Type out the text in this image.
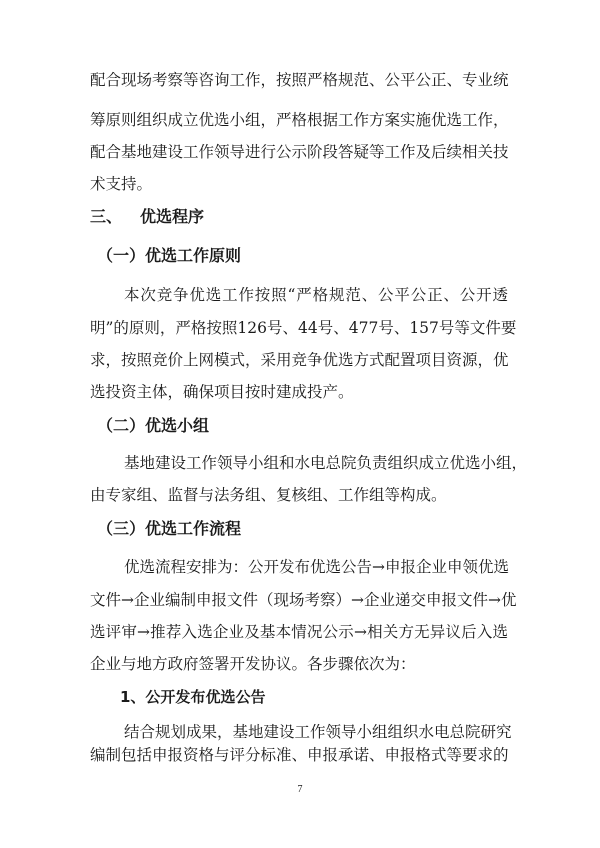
配合现场考察等咨询工作，按照严格规范、公平公正、专业统
筹原则组织成立优选小组，严格根据工作方案实施优选工作，
配合基地建设工作领导进行公示阶段答疑等工作及后续相关技
术支持。
三、 优选程序
（一）优选工作原则
本次竞争优选工作按照“严格规范、公平公正、公开透
明”的原则，严格按照126号、44号、477号、157号等文件要
求，按照竞价上网模式，采用竞争优选方式配置项目资源，优
选投资主体，确保项目按时建成投产。
（二）优选小组
基地建设工作领导小组和水电总院负责组织成立优选小组，
由专家组、监督与法务组、复核组、工作组等构成。
（三）优选工作流程
优选流程安排为：公开发布优选公告→申报企业申领优选
文件→企业编制申报文件（现场考察）→企业递交申报文件→优
选评审→推荐入选企业及基本情况公示→相关方无异议后入选
企业与地方政府签署开发协议。各步骤依次为：
1、公开发布优选公告
结合规划成果，基地建设工作领导小组组织水电总院研究
编制包括申报资格与评分标准、申报承诺、申报格式等要求的
7
